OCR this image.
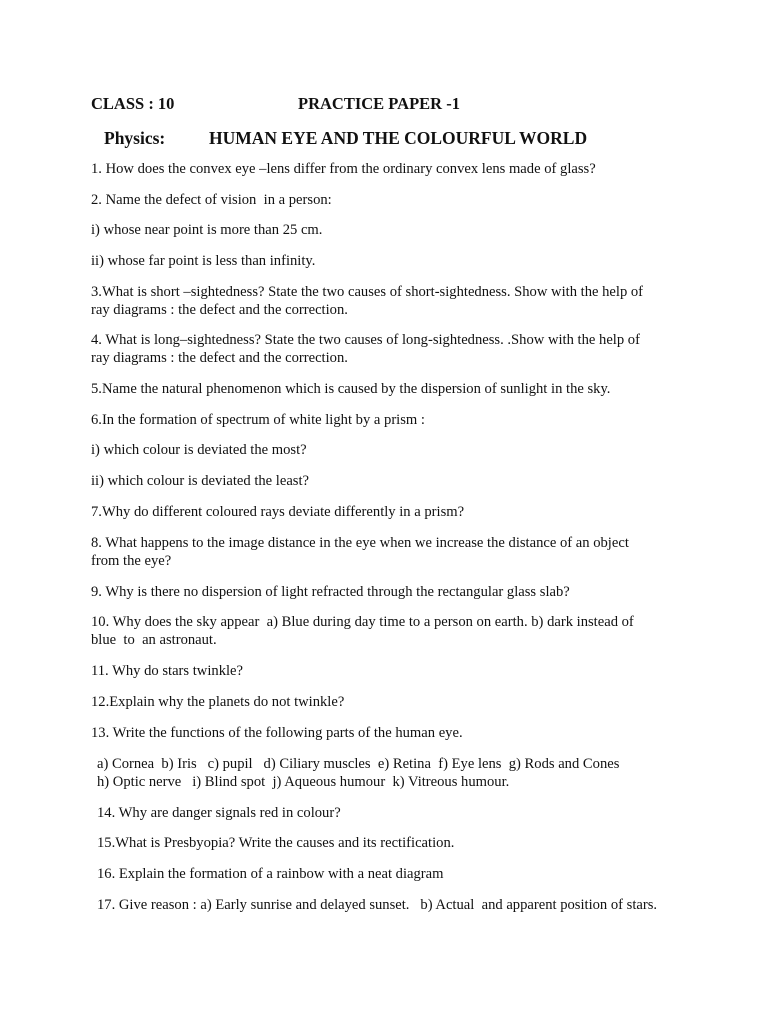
CLASS : 10	PRACTICE PAPER -1
Physics:	HUMAN EYE AND THE COLOURFUL WORLD
1. How does the convex eye –lens differ from the ordinary convex lens made of glass?
2. Name the defect of vision  in a person:
i) whose near point is more than 25 cm.
ii) whose far point is less than infinity.
3.What is short –sightedness? State the two causes of short-sightedness. Show with the help of
ray diagrams : the defect and the correction.
4. What is long–sightedness? State the two causes of long-sightedness. .Show with the help of
ray diagrams : the defect and the correction.
5.Name the natural phenomenon which is caused by the dispersion of sunlight in the sky.
6.In the formation of spectrum of white light by a prism :
i) which colour is deviated the most?
ii) which colour is deviated the least?
7.Why do different coloured rays deviate differently in a prism?
8. What happens to the image distance in the eye when we increase the distance of an object
from the eye?
9. Why is there no dispersion of light refracted through the rectangular glass slab?
10. Why does the sky appear  a) Blue during day time to a person on earth. b) dark instead of
blue  to  an astronaut.
11. Why do stars twinkle?
12.Explain why the planets do not twinkle?
13. Write the functions of the following parts of the human eye.
a) Cornea  b) Iris   c) pupil   d) Ciliary muscles  e) Retina  f) Eye lens  g) Rods and Cones
h) Optic nerve   i) Blind spot  j) Aqueous humour  k) Vitreous humour.
14. Why are danger signals red in colour?
15.What is Presbyopia? Write the causes and its rectification.
16. Explain the formation of a rainbow with a neat diagram
17. Give reason : a) Early sunrise and delayed sunset.   b) Actual  and apparent position of stars.
